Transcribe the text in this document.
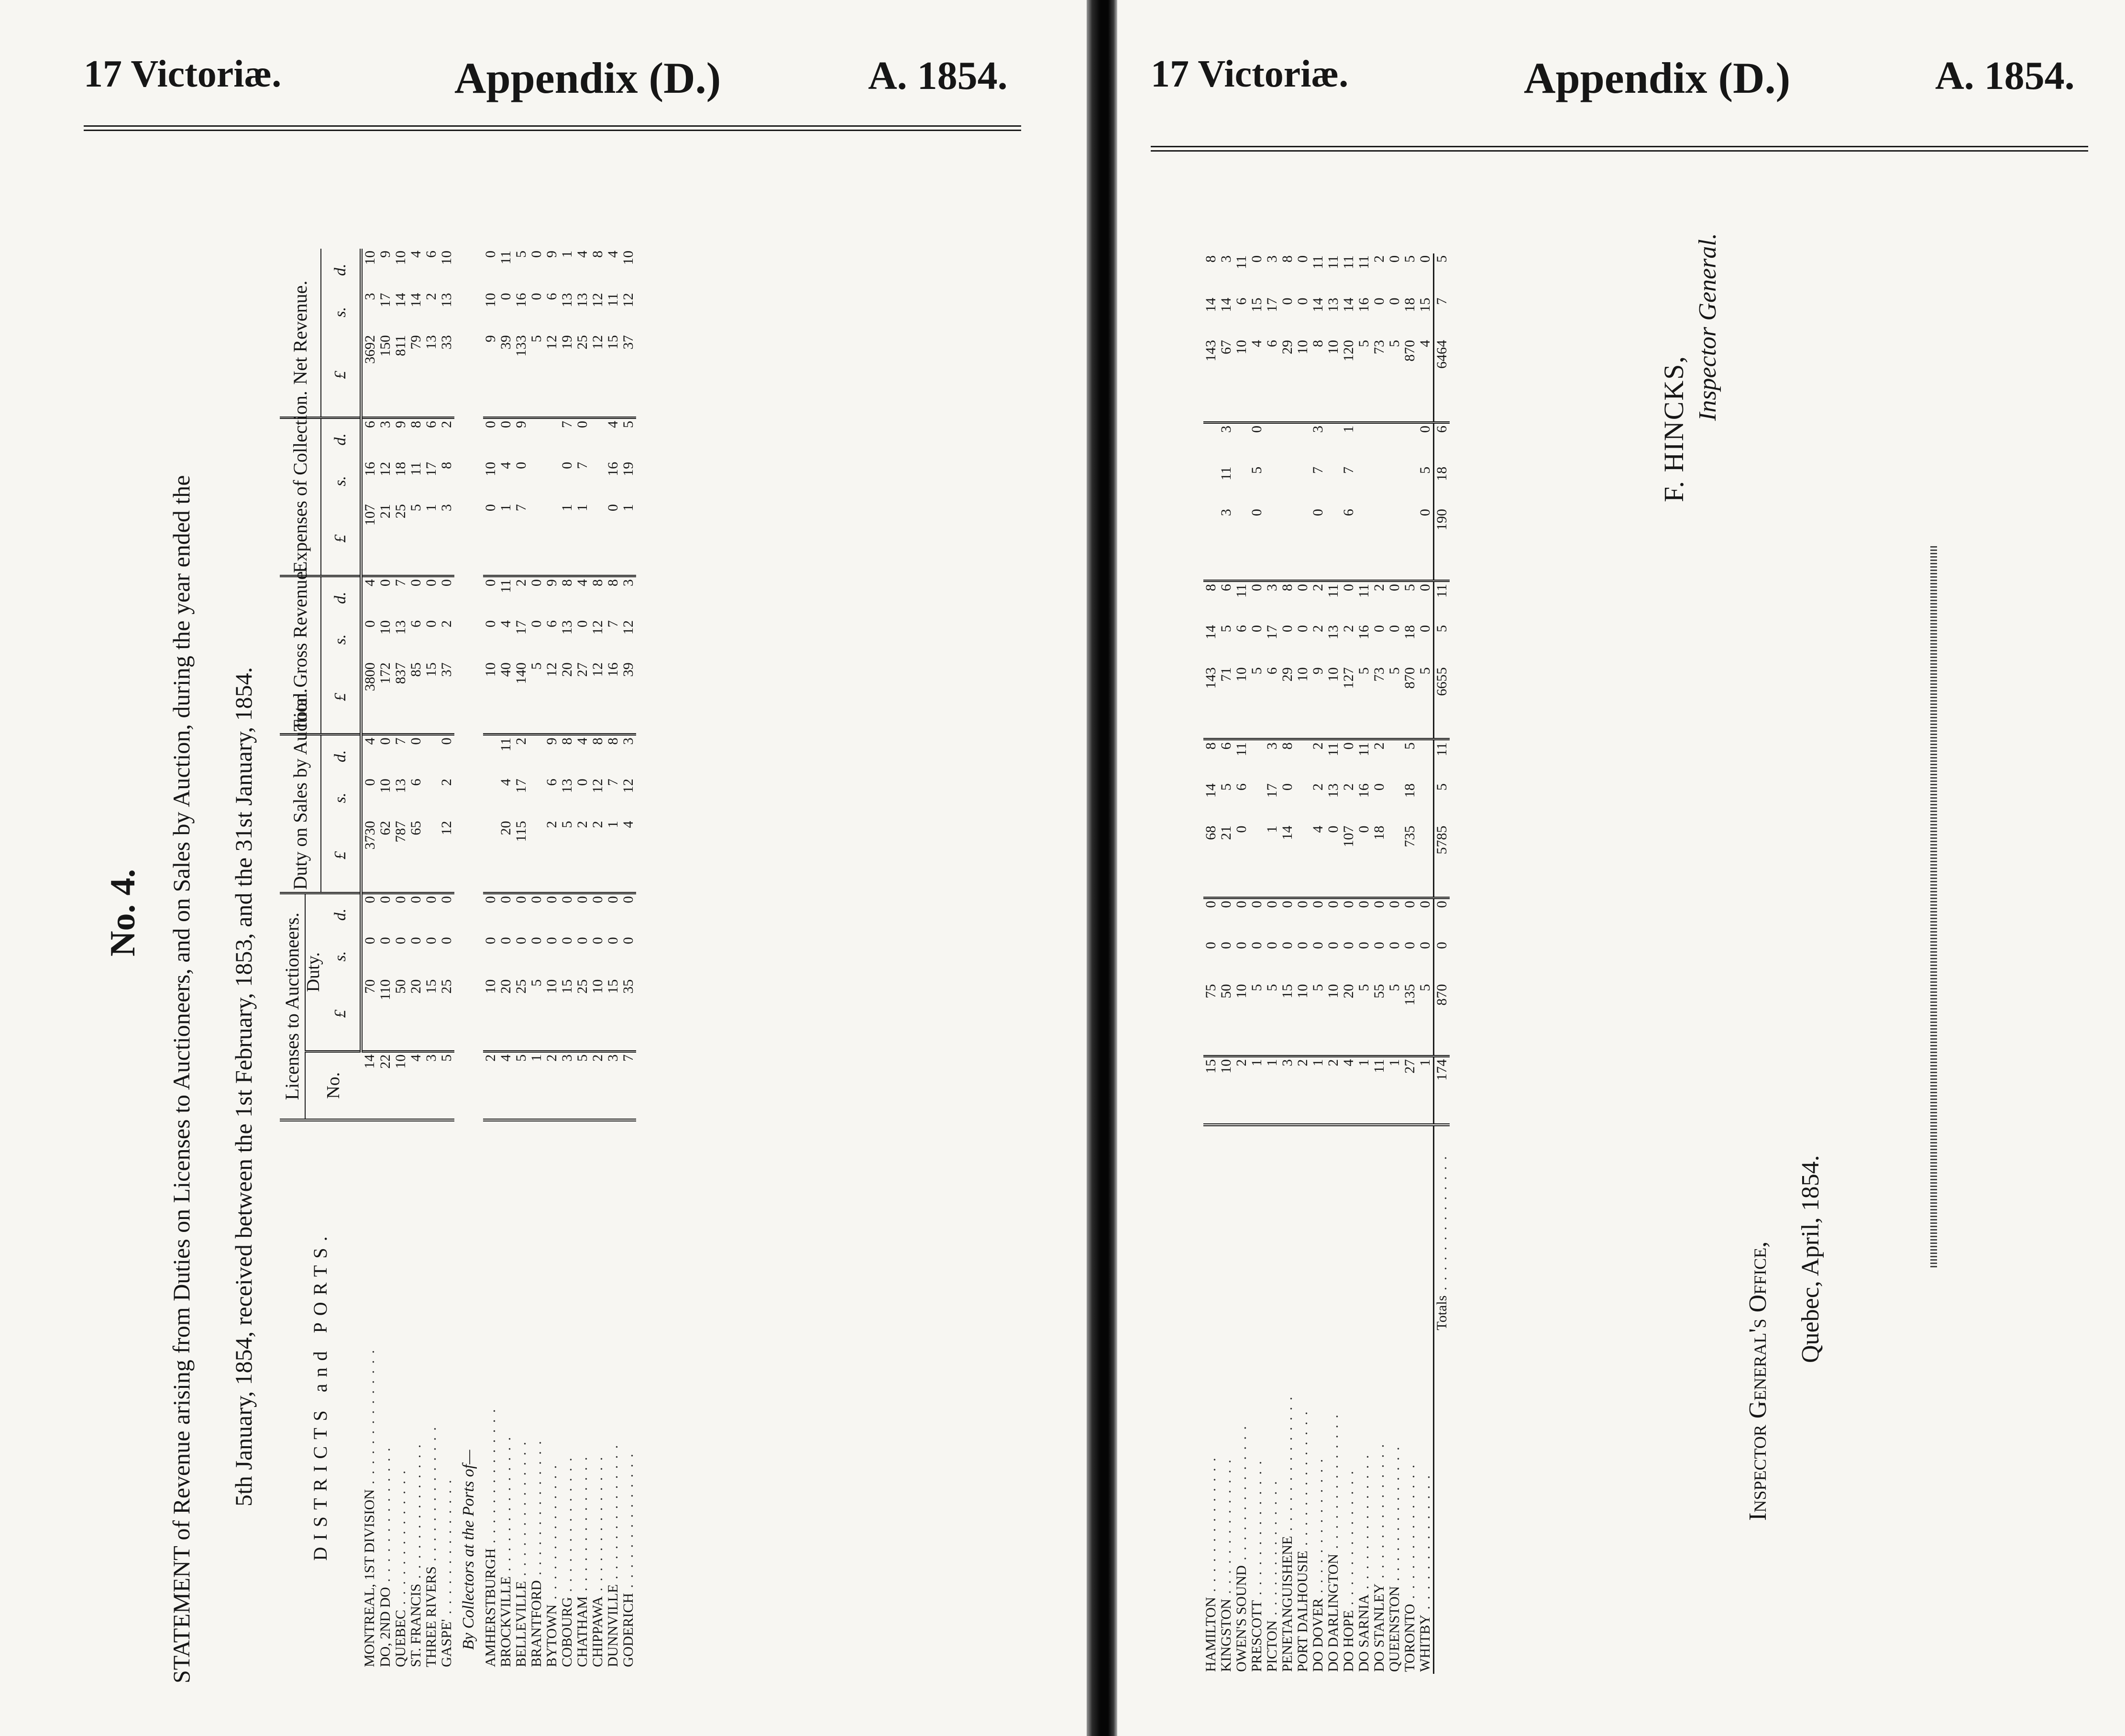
17 Victoriæ.	Appendix (D.)	A. 1854.
No. 4. STATEMENT of Revenue arising from Duties on Licenses to Auctioneers, and on Sales by Auction, during the year ended the 5th January, 1854, received between the 1st February, 1853, and the 31st January, 1854.	DISTRICTS and PORTS.	Licenses to Auctioneers.				Duty on Sales by Auction.			Total Gross Revenue.			Expenses of Collection.			Net Revenue.		
	No.	Duty.														
		£	s.	d.	£	s.	d.	£	s.	d.	£	s.	d.	£	s.	d.
MONTREAL, 1ST DIVISION . . . . . . . . . . . . . .	14	70	0	0	3730	0	4	3800	0	4	107	16	6	3692	3	10
DO, 2ND DO . . . . . . . . . . . . . .	22	110	0	0	62	10	0	172	10	0	21	12	3	150	17	9
QUEBEC . . . . . . . . . . . . . .	10	50	0	0	787	13	7	837	13	7	25	18	9	811	14	10
ST. FRANCIS . . . . . . . . . . . . . .	4	20	0	0	65	6	0	85	6	0	5	11	8	79	14	4
THREE RIVERS . . . . . . . . . . . . . .	3	15	0	0				15	0	0	1	17	6	13	2	6
GASPE' . . . . . . . . . . . . . .	5	25	0	0	12	2	0	37	2	0	3	8	2	33	13	10
By Collectors at the Ports of—																
AMHERSTBURGH . . . . . . . . . . . . . .	2	10	0	0				10	0	0	0	10	0	9	10	0
BROCKVILLE . . . . . . . . . . . . . .	4	20	0	0	20	4	11	40	4	11	1	4	0	39	0	11
BELLEVILLE . . . . . . . . . . . . . .	5	25	0	0	115	17	2	140	17	2	7	0	9	133	16	5
BRANTFORD . . . . . . . . . . . . . .	1	5	0	0				5	0	0				5	0	0
BYTOWN . . . . . . . . . . . . . .	2	10	0	0	2	6	9	12	6	9				12	6	9
COBOURG . . . . . . . . . . . . . .	3	15	0	0	5	13	8	20	13	8	1	0	7	19	13	1
CHATHAM . . . . . . . . . . . . . .	5	25	0	0	2	0	4	27	0	4	1	7	0	25	13	4
CHIPPAWA . . . . . . . . . . . . . .	2	10	0	0	2	12	8	12	12	8				12	12	8
DUNNVILLE . . . . . . . . . . . . . .	3	15	0	0	1	7	8	16	7	8	0	16	4	15	11	4
GODERICH . . . . . . . . . . . . . .	7	35	0	0	4	12	3	39	12	3	1	19	5	37	12	10
17 Victoriæ.	Appendix (D.)	A. 1854.
HAMILTON . . . . . . . . . . . . . .	15	75	0	0	68	14	8	143	14	8				143	14	8
KINGSTON . . . . . . . . . . . . . .	10	50	0	0	21	5	6	71	5	6	3	11	3	67	14	3
OWEN'S SOUND . . . . . . . . . . . . . .	2	10	0	0	0	6	11	10	6	11				10	6	11
PRESCOTT . . . . . . . . . . . . . .	1	5	0	0				5	0	0	0	5	0	4	15	0
PICTON . . . . . . . . . . . . . .	1	5	0	0	1	17	3	6	17	3				6	17	3
PENETANGUISHENE . . . . . . . . . . . . . .	3	15	0	0	14	0	8	29	0	8				29	0	8
PORT DALHOUSIE . . . . . . . . . . . . . .	2	10	0	0				10	0	0				10	0	0
DO DOVER . . . . . . . . . . . . . .	1	5	0	0	4	2	2	9	2	2	0	7	3	8	14	11
DO DARLINGTON . . . . . . . . . . . . . .	2	10	0	0	0	13	11	10	13	11				10	13	11
DO HOPE . . . . . . . . . . . . . .	4	20	0	0	107	2	0	127	2	0	6	7	1	120	14	11
DO SARNIA . . . . . . . . . . . . . .	1	5	0	0	0	16	11	5	16	11				5	16	11
DO STANLEY . . . . . . . . . . . . . .	11	55	0	0	18	0	2	73	0	2				73	0	2
QUEENSTON . . . . . . . . . . . . . .	1	5	0	0				5	0	0				5	0	0
TORONTO . . . . . . . . . . . . . .	27	135	0	0	735	18	5	870	18	5				870	18	5
WHITBY . . . . . . . . . . . . . .	1	5	0	0				5	0	0	0	5	0	4	15	0
Totals . . . . . . . . . . . . . .	174	870	0	0	5785	5	11	6655	5	11	190	18	6	6464	7	5
F. HINCKS,
Inspector General.
Inspector General's Office, Quebec, April, 1854.
